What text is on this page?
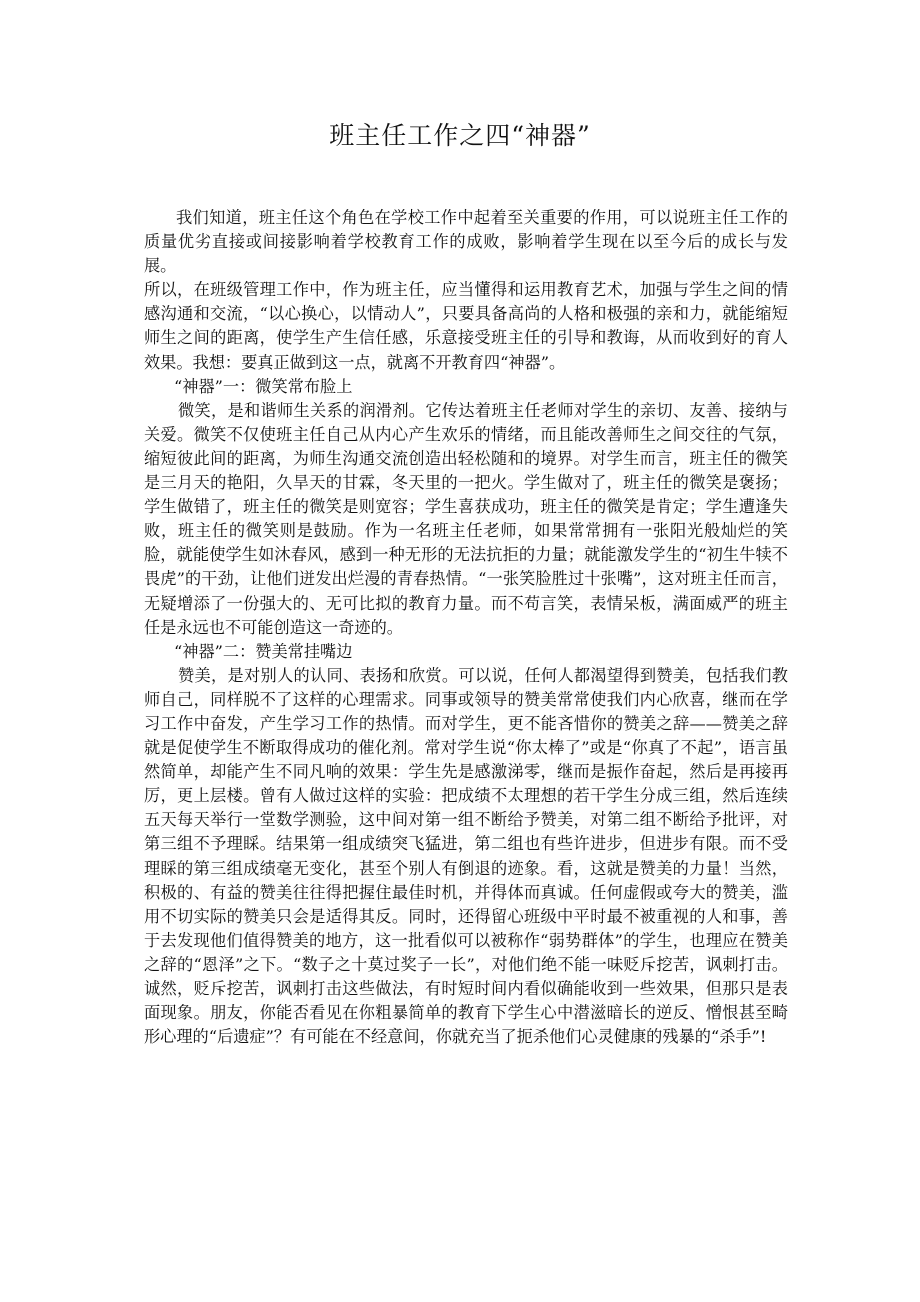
班主任工作之四“神器”

我们知道，班主任这个角色在学校工作中起着至关重要的作用，可以说班主任工作的质量优劣直接或间接影响着学校教育工作的成败，影响着学生现在以至今后的成长与发展。

所以，在班级管理工作中，作为班主任，应当懂得和运用教育艺术，加强与学生之间的情感沟通和交流，“以心换心，以情动人”，只要具备高尚的人格和极强的亲和力，就能缩短师生之间的距离，使学生产生信任感，乐意接受班主任的引导和教诲，从而收到好的育人效果。我想：要真正做到这一点，就离不开教育四“神器”。

“神器”一：微笑常布脸上

微笑，是和谐师生关系的润滑剂。它传达着班主任老师对学生的亲切、友善、接纳与关爱。微笑不仅使班主任自己从内心产生欢乐的情绪，而且能改善师生之间交往的气氛，缩短彼此间的距离，为师生沟通交流创造出轻松随和的境界。对学生而言，班主任的微笑是三月天的艳阳，久旱天的甘霖，冬天里的一把火。学生做对了，班主任的微笑是褒扬；学生做错了，班主任的微笑是则宽容；学生喜获成功，班主任的微笑是肯定；学生遭逢失败，班主任的微笑则是鼓励。作为一名班主任老师，如果常常拥有一张阳光般灿烂的笑脸，就能使学生如沐春风，感到一种无形的无法抗拒的力量；就能激发学生的“初生牛犊不畏虎”的干劲，让他们迸发出烂漫的青春热情。“一张笑脸胜过十张嘴”，这对班主任而言，无疑增添了一份强大的、无可比拟的教育力量。而不苟言笑，表情呆板，满面威严的班主任是永远也不可能创造这一奇迹的。

“神器”二：赞美常挂嘴边

赞美，是对别人的认同、表扬和欣赏。可以说，任何人都渴望得到赞美，包括我们教师自己，同样脱不了这样的心理需求。同事或领导的赞美常常使我们内心欣喜，继而在学习工作中奋发，产生学习工作的热情。而对学生，更不能吝惜你的赞美之辞——赞美之辞就是促使学生不断取得成功的催化剂。常对学生说“你太棒了”或是“你真了不起”，语言虽然简单，却能产生不同凡响的效果：学生先是感激涕零，继而是振作奋起，然后是再接再厉，更上层楼。曾有人做过这样的实验：把成绩不太理想的若干学生分成三组，然后连续五天每天举行一堂数学测验，这中间对第一组不断给予赞美，对第二组不断给予批评，对第三组不予理睬。结果第一组成绩突飞猛进，第二组也有些许进步，但进步有限。而不受理睬的第三组成绩毫无变化，甚至个别人有倒退的迹象。看，这就是赞美的力量！当然，积极的、有益的赞美往往得把握住最佳时机，并得体而真诚。任何虚假或夸大的赞美，滥用不切实际的赞美只会是适得其反。同时，还得留心班级中平时最不被重视的人和事，善于去发现他们值得赞美的地方，这一批看似可以被称作“弱势群体”的学生，也理应在赞美之辞的“恩泽”之下。“数子之十莫过奖子一长”，对他们绝不能一味贬斥挖苦，讽刺打击。诚然，贬斥挖苦，讽刺打击这些做法，有时短时间内看似确能收到一些效果，但那只是表面现象。朋友，你能否看见在你粗暴简单的教育下学生心中潜滋暗长的逆反、憎恨甚至畸形心理的“后遗症”？有可能在不经意间，你就充当了扼杀他们心灵健康的残暴的“杀手”!
